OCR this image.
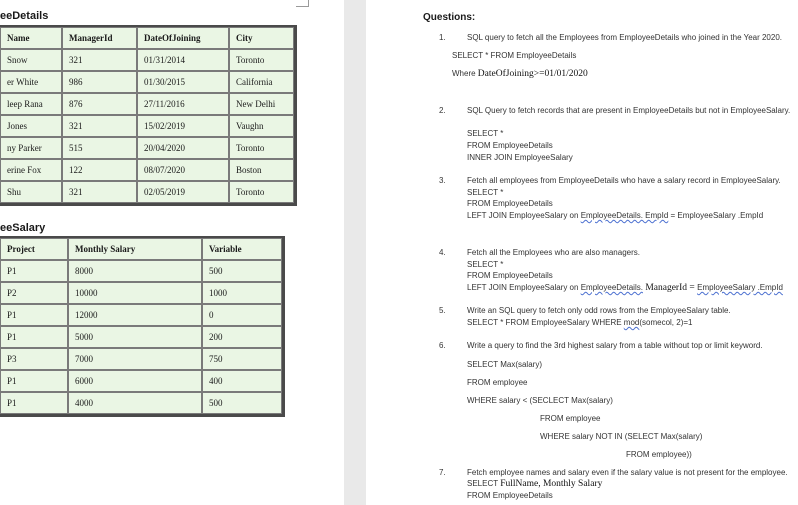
eeDetails
Name	ManagerId	DateOfJoining	City
Snow	321	01/31/2014	Toronto
er White	986	01/30/2015	California
leep Rana	876	27/11/2016	New Delhi
Jones	321	15/02/2019	Vaughn
ny Parker	515	20/04/2020	Toronto
erine Fox	122	08/07/2020	Boston
Shu	321	02/05/2019	Toronto
eeSalary
Project	Monthly Salary	Variable
P1	8000	500
P2	10000	1000
P1	12000	0
P1	5000	200
P3	7000	750
P1	6000	400
P1	4000	500
Questions:
1.	SQL query to fetch all the Employees from EmployeeDetails who joined in the Year 2020.
SELECT * FROM EmployeeDetails
Where DateOfJoining>=01/01/2020
2.	SQL Query to fetch records that are present in EmployeeDetails but not in EmployeeSalary.
SELECT *
FROM EmployeeDetails
INNER JOIN EmployeeSalary
3.	Fetch all employees from EmployeeDetails who have a salary record in EmployeeSalary.
SELECT *
FROM EmployeeDetails
LEFT JOIN EmployeeSalary on EmployeeDetails. EmpId = EmployeeSalary .EmpId
4.	Fetch all the Employees who are also managers.
SELECT *
FROM EmployeeDetails
LEFT JOIN EmployeeSalary on EmployeeDetails. ManagerId = EmployeeSalary .EmpId
5.	Write an SQL query to fetch only odd rows from the EmployeeSalary table.
SELECT * FROM EmployeeSalary WHERE mod(somecol, 2)=1
6.	Write a query to find the 3rd highest salary from a table without top or limit keyword.
SELECT Max(salary)
FROM employee
WHERE salary < (SECLECT Max(salary)
FROM employee
WHERE salary NOT IN (SELECT Max(salary)
FROM employee))
7.	Fetch employee names and salary even if the salary value is not present for the employee.
SELECT FullName, Monthly Salary
FROM EmployeeDetails
